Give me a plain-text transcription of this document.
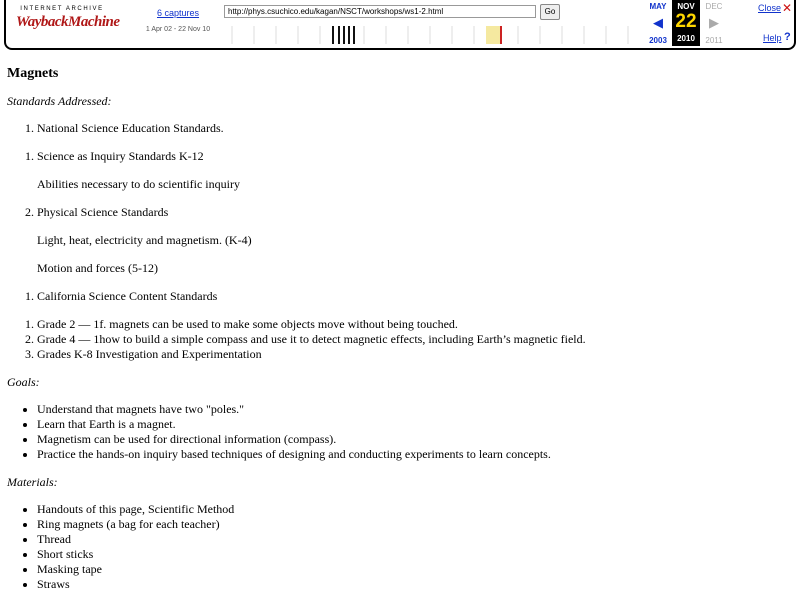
INTERNET ARCHIVE
WaybackMachine
6 captures
1 Apr 02 - 22 Nov 10
http://phys.csuchico.edu/kagan/NSCT/workshops/ws1-2.html
Go
MAY
◀
2003
NOV
22
2010
DEC
▶
2011
Close ✕
Help ?
Magnets

Standards Addressed:

1. National Science Education Standards.
1. Science as Inquiry Standards K-12
Abilities necessary to do scientific inquiry
2. Physical Science Standards
Light, heat, electricity and magnetism. (K-4)
Motion and forces (5-12)
1. California Science Content Standards
1. Grade 2 — 1f. magnets can be used to make some objects move without being touched.
2. Grade 4 — 1how to build a simple compass and use it to detect magnetic effects, including Earth’s magnetic field.
3. Grades K-8 Investigation and Experimentation

Goals:

• Understand that magnets have two "poles."
• Learn that Earth is a magnet.
• Magnetism can be used for directional information (compass).
• Practice the hands-on inquiry based techniques of designing and conducting experiments to learn concepts.

Materials:

• Handouts of this page, Scientific Method
• Ring magnets (a bag for each teacher)
• Thread
• Short sticks
• Masking tape
• Straws
